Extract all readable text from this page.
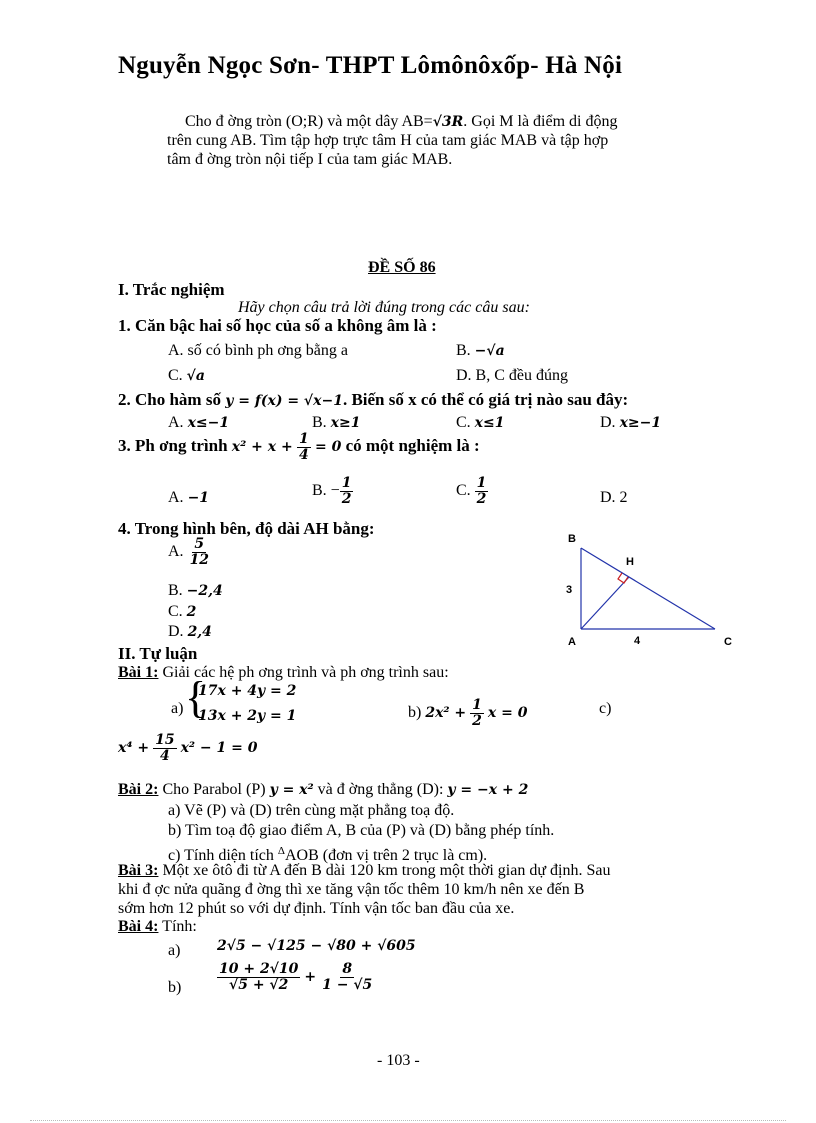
Nguyễn Ngọc Sơn- THPT Lômônôxốp- Hà Nội
Cho đ ờng tròn (O;R) và một dây AB=√3R. Gọi M là điểm di động
trên cung AB. Tìm tập hợp trực tâm H của tam giác MAB và tập hợp
tâm đ ờng tròn nội tiếp I của tam giác MAB.
ĐỀ SỐ 86
I. Trắc nghiệm
Hãy chọn câu trả lời đúng trong các câu sau:
1. Căn bậc hai số học của số a không âm là :
A. số có bình ph ơng bằng a	B. −√a
C. √a	D. B, C đều đúng
2. Cho hàm số y = f(x) = √x−1. Biến số x có thể có giá trị nào sau đây:
A. x≤−1	B. x≥1	C. x≤1	D. x≥−1
3. Ph ơng trình $x^2 + x + \frac{1}{4} = 0$ có một nghiệm là :
A. −1	B. − $\frac{1}{2}$	C. $\frac{1}{2}$	D. 2
4. Trong hình bên, độ dài AH bằng:
A. $\frac{5}{12}$
B. −2,4
C. 2
D. 2,4
B
H
A	C
3
4
II. Tự luận
Bài 1: Giải các hệ ph ơng trình và ph ơng trình sau:
a) {
17x + 4y = 2
13x + 2y = 1	b) $2x^2 + \frac{1}{2}$ x = 0	c)
$x^4 + \frac{15}{4} x^2 - 1 = 0$
Bài 2: Cho Parabol (P) y = x² và đ ờng thẳng (D): y = −x + 2
a) Vẽ (P) và (D) trên cùng mặt phẳng toạ độ.
b) Tìm toạ độ giao điểm A, B của (P) và (D) bằng phép tính.
c) Tính diện tích $^\Delta$AOB (đơn vị trên 2 trục là cm).
Bài 3: Một xe ôtô đi từ A đến B dài 120 km trong một thời gian dự định. Sau
khi đ ợc nửa quãng đ ờng thì xe tăng vận tốc thêm 10 km/h nên xe đến B
sớm hơn 12 phút so với dự định. Tính vận tốc ban đầu của xe.
Bài 4: Tính:
a)	2√5 − √125 − √80 + √605
b)	$\frac{10 + 2√10}{√5 + √2} + \frac{8}{1 - √5}$
- 103 -
